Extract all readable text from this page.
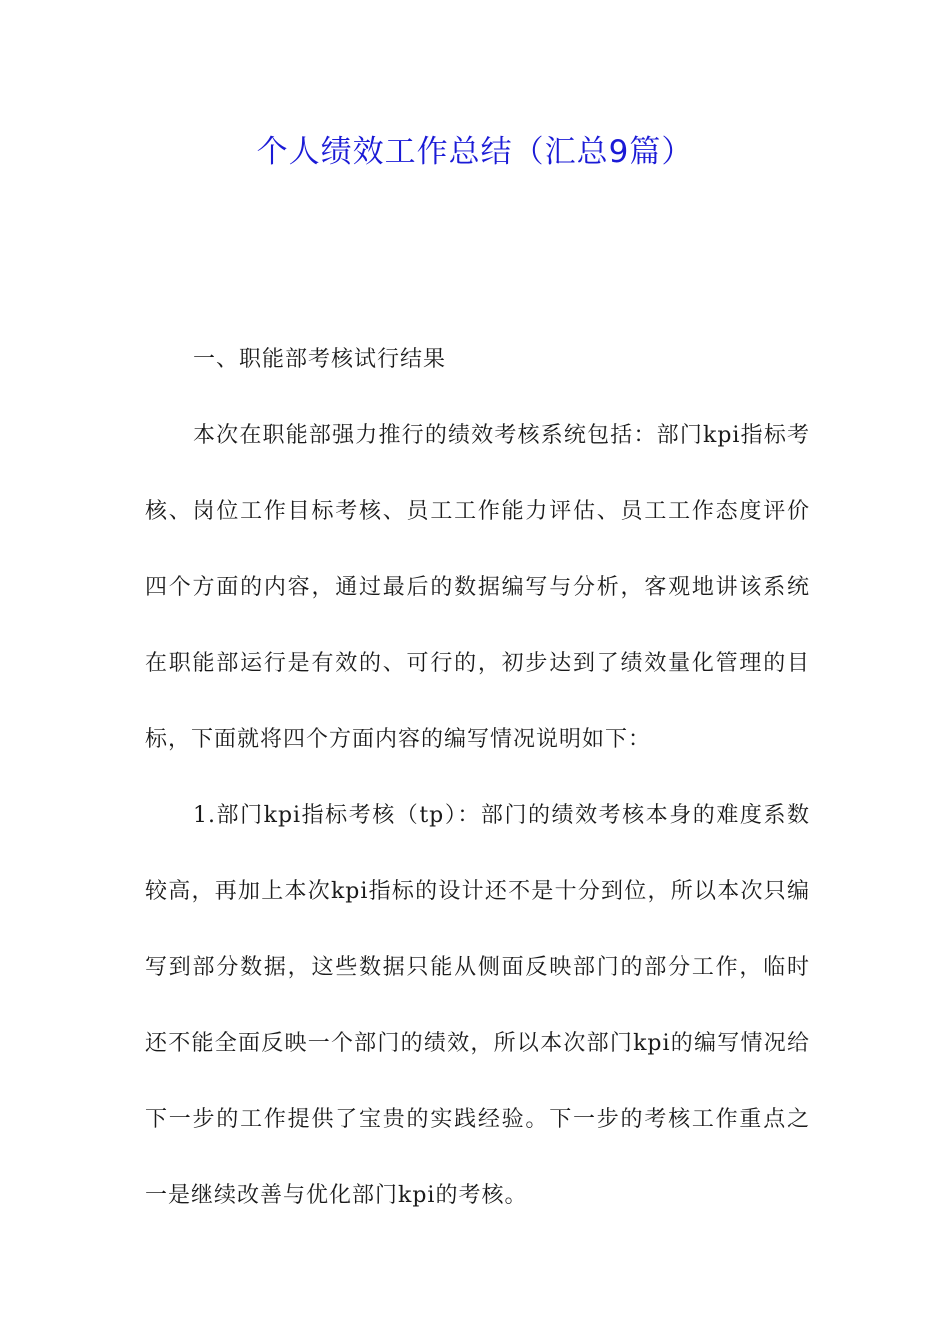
个人绩效工作总结（汇总9篇）

一、职能部考核试行结果

本次在职能部强力推行的绩效考核系统包括：部门kpi指标考核、岗位工作目标考核、员工工作能力评估、员工工作态度评价四个方面的内容，通过最后的数据编写与分析，客观地讲该系统在职能部运行是有效的、可行的，初步达到了绩效量化管理的目标，下面就将四个方面内容的编写情况说明如下：

1.部门kpi指标考核（tp）：部门的绩效考核本身的难度系数较高，再加上本次kpi指标的设计还不是十分到位，所以本次只编写到部分数据，这些数据只能从侧面反映部门的部分工作，临时还不能全面反映一个部门的绩效，所以本次部门kpi的编写情况给下一步的工作提供了宝贵的实践经验。下一步的考核工作重点之一是继续改善与优化部门kpi的考核。
